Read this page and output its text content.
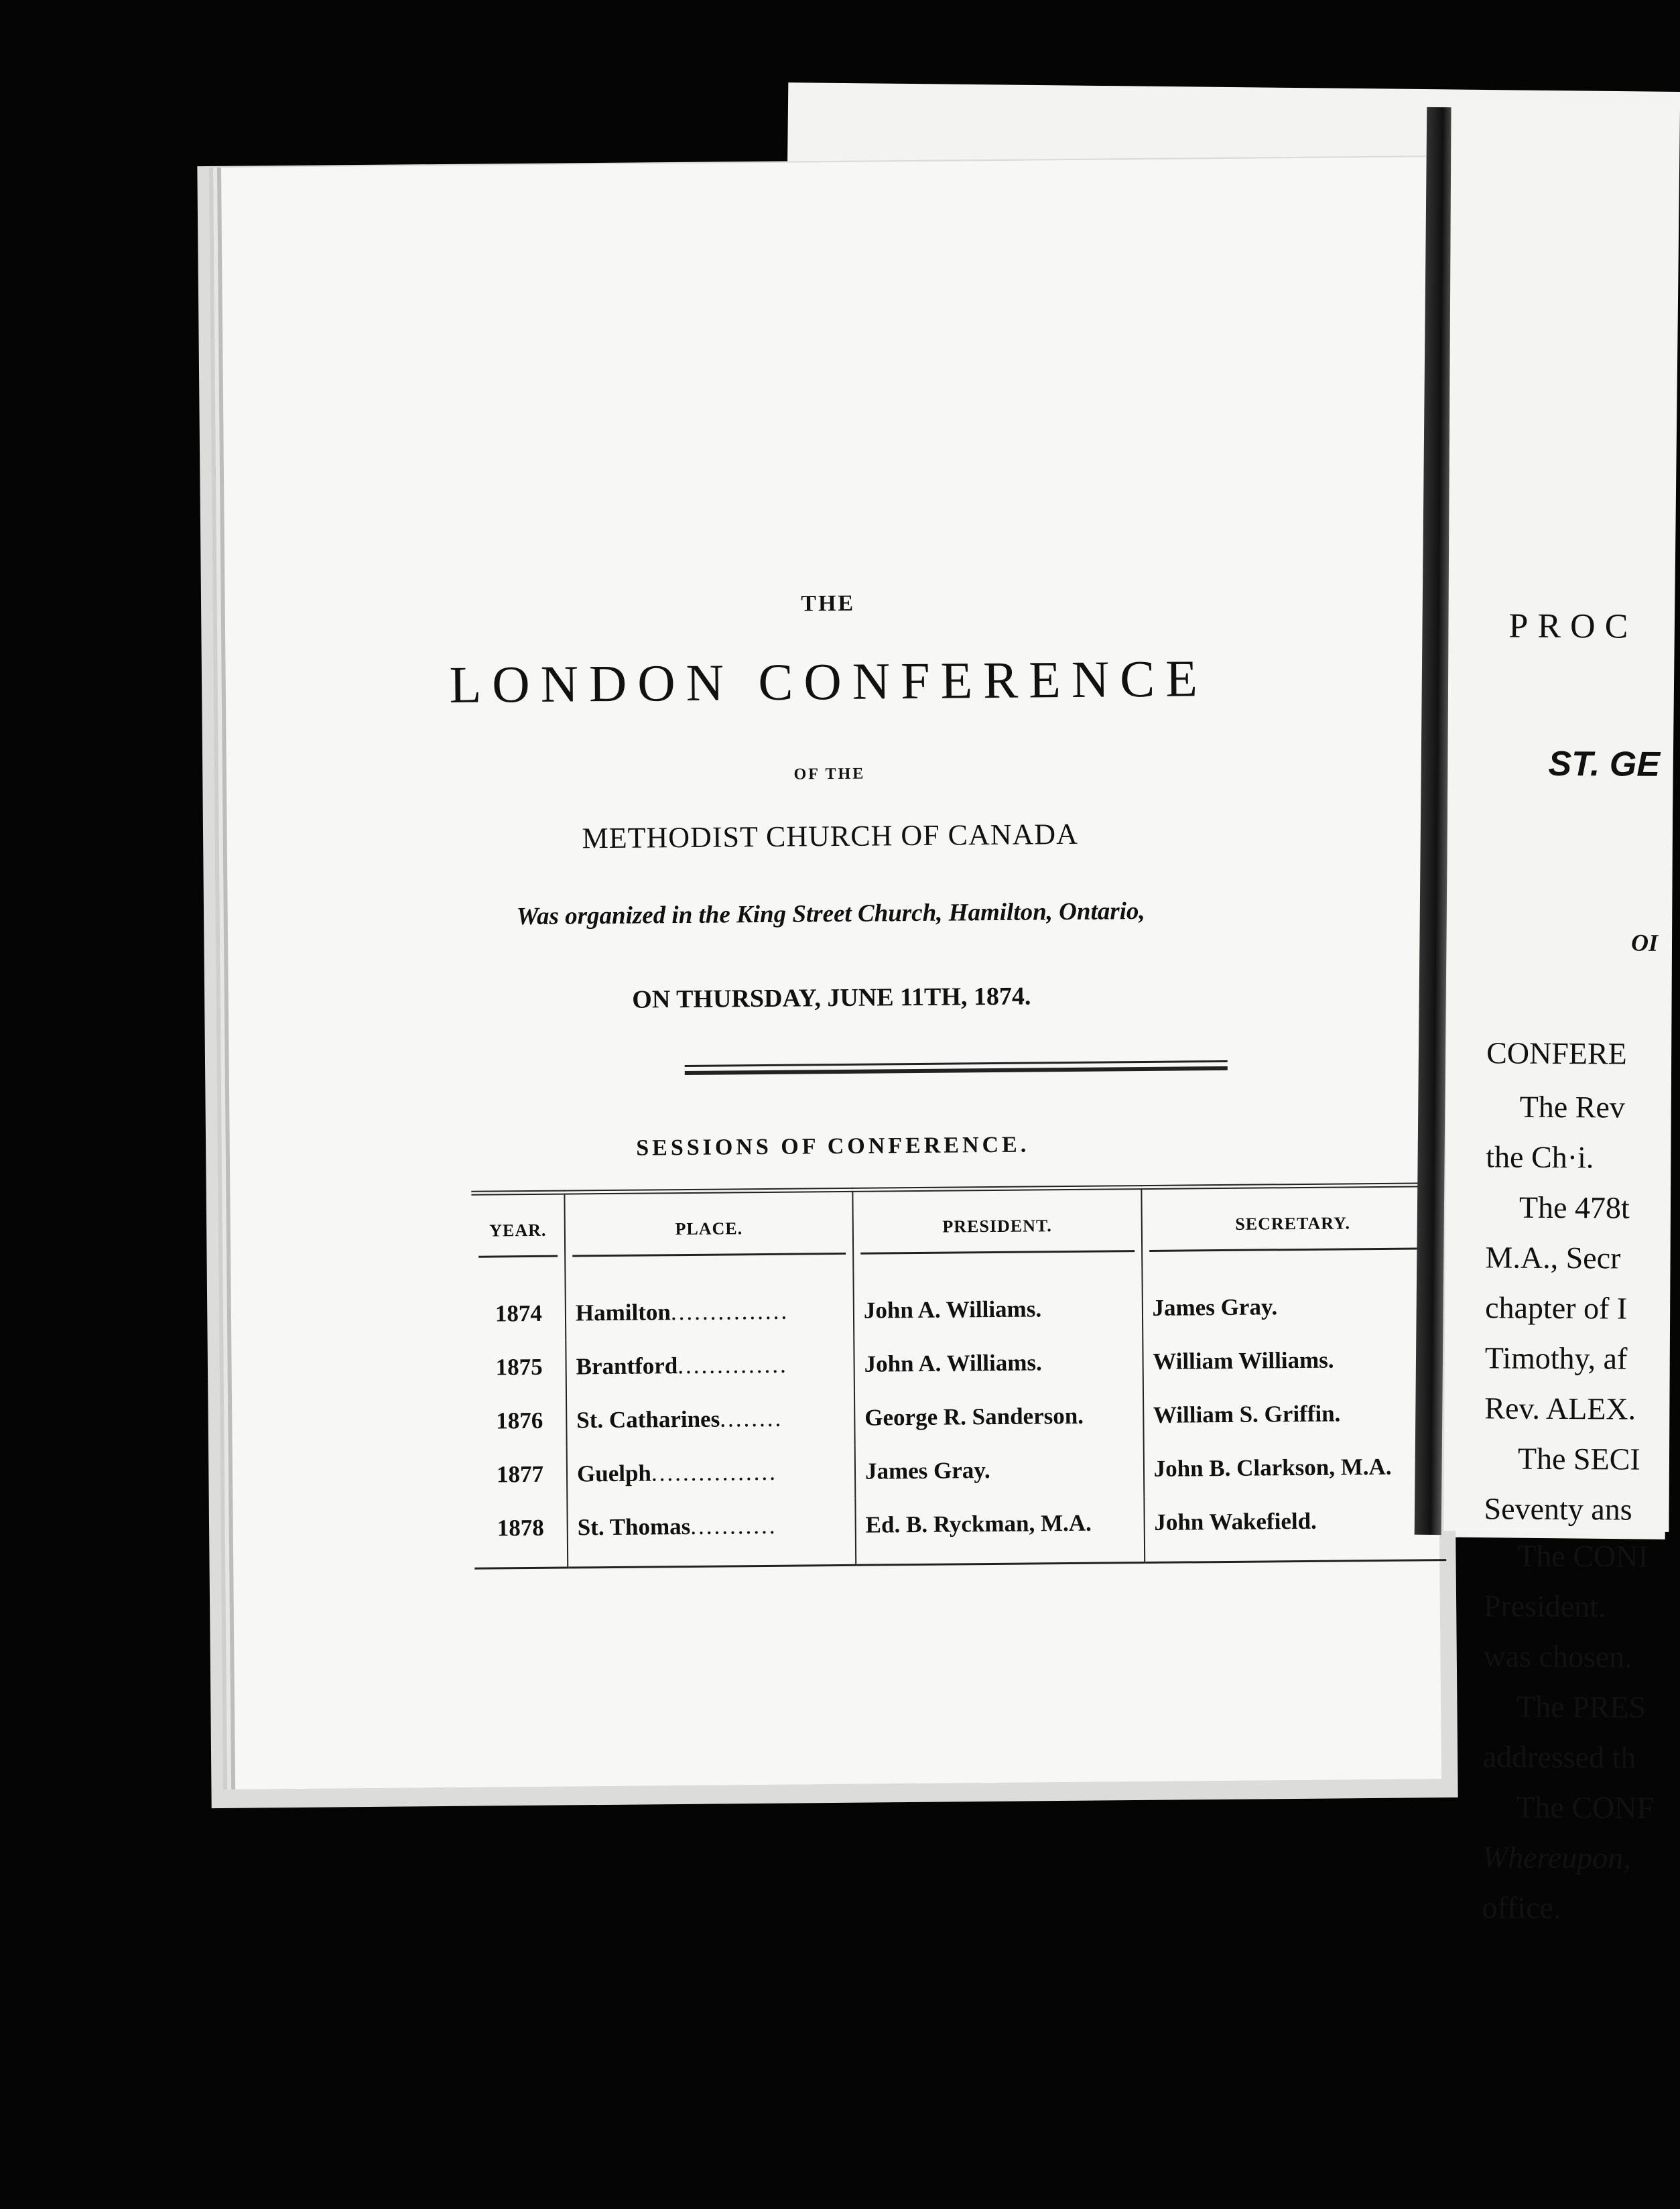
THE
LONDON CONFERENCE
OF THE
METHODIST CHURCH OF CANADA
Was organized in the King Street Church, Hamilton, Ontario,
ON THURSDAY, JUNE 11TH, 1874.
SESSIONS OF CONFERENCE.
YEAR.	PLACE.	PRESIDENT.	SECRETARY.

1874	Hamilton...............	John A. Williams.	James Gray.
1875	Brantford..............	John A. Williams.	William Williams.
1876	St. Catharines........	George R. Sanderson.	William S. Griffin.
1877	Guelph................	James Gray.	John B. Clarkson, M.A.
1878	St. Thomas...........	Ed. B. Ryckman, M.A.	John Wakefield.
PROC
ST. GE
OI
CONFERE
The Rev
the Ch·i.
The 478t
M.A., Secr
chapter of I
Timothy, af
Rev. ALEX.
The SECI
Seventy ans
The CONI
President.
was chosen.
The PRES
addressed th
The CONF
Whereupon,
office.
